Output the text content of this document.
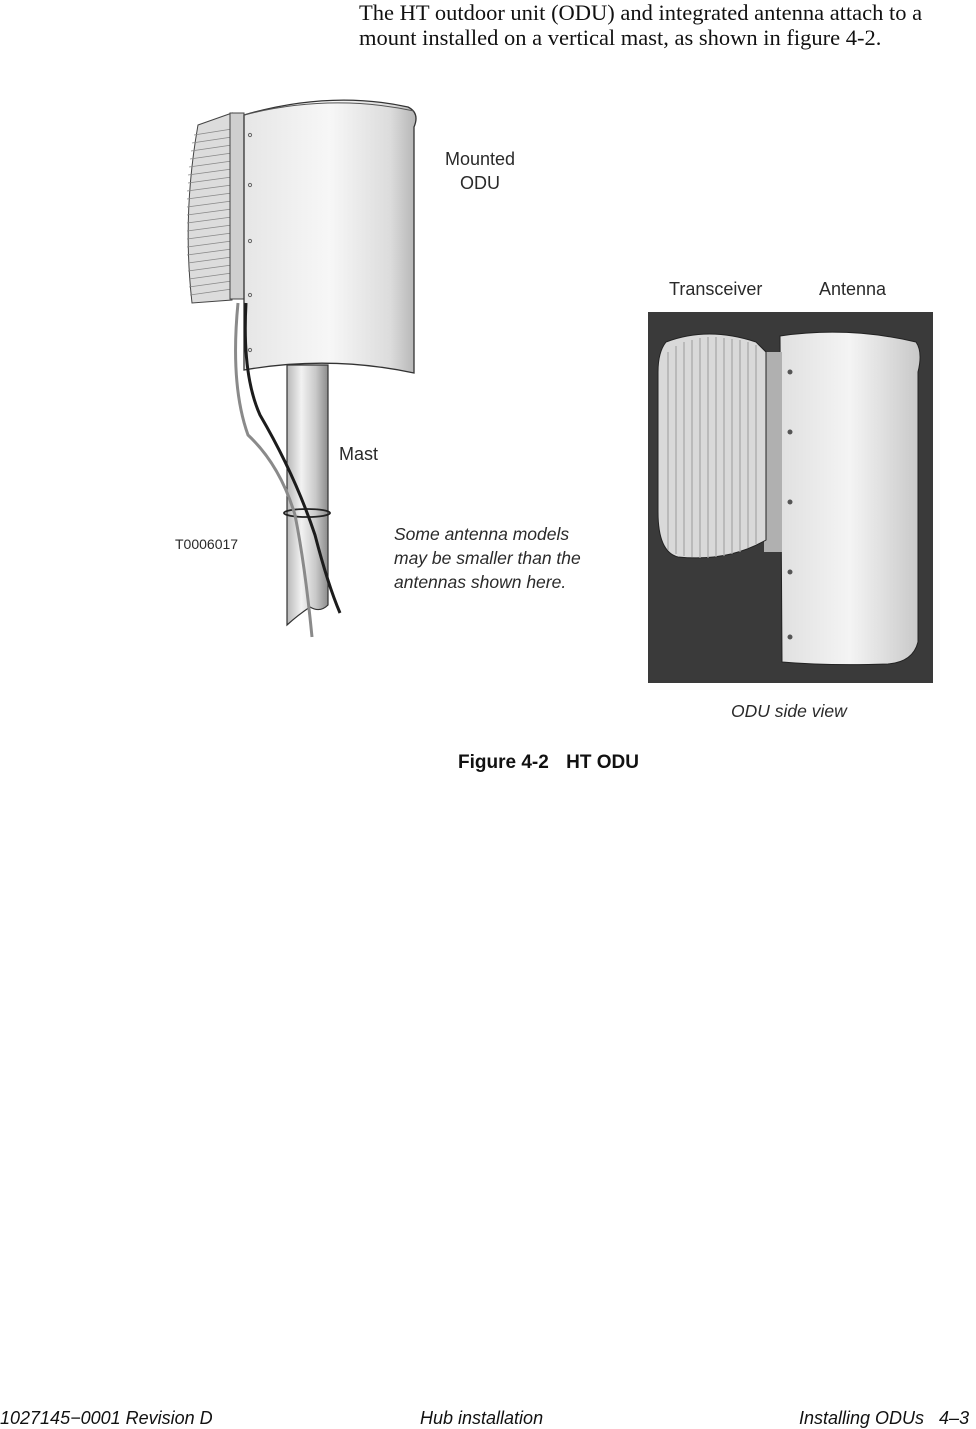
The HT outdoor unit (ODU) and integrated antenna attach to a
mount installed on a vertical mast, as shown in figure 4-2.
Mounted
ODU
Mast
T0006017	Some antenna models
may be smaller than the
antennas shown here.
Transceiver	Antenna
ODU side view
Figure 4-2 HT ODU
1027145−0001 Revision D	Hub installation	Installing ODUs   4–3
